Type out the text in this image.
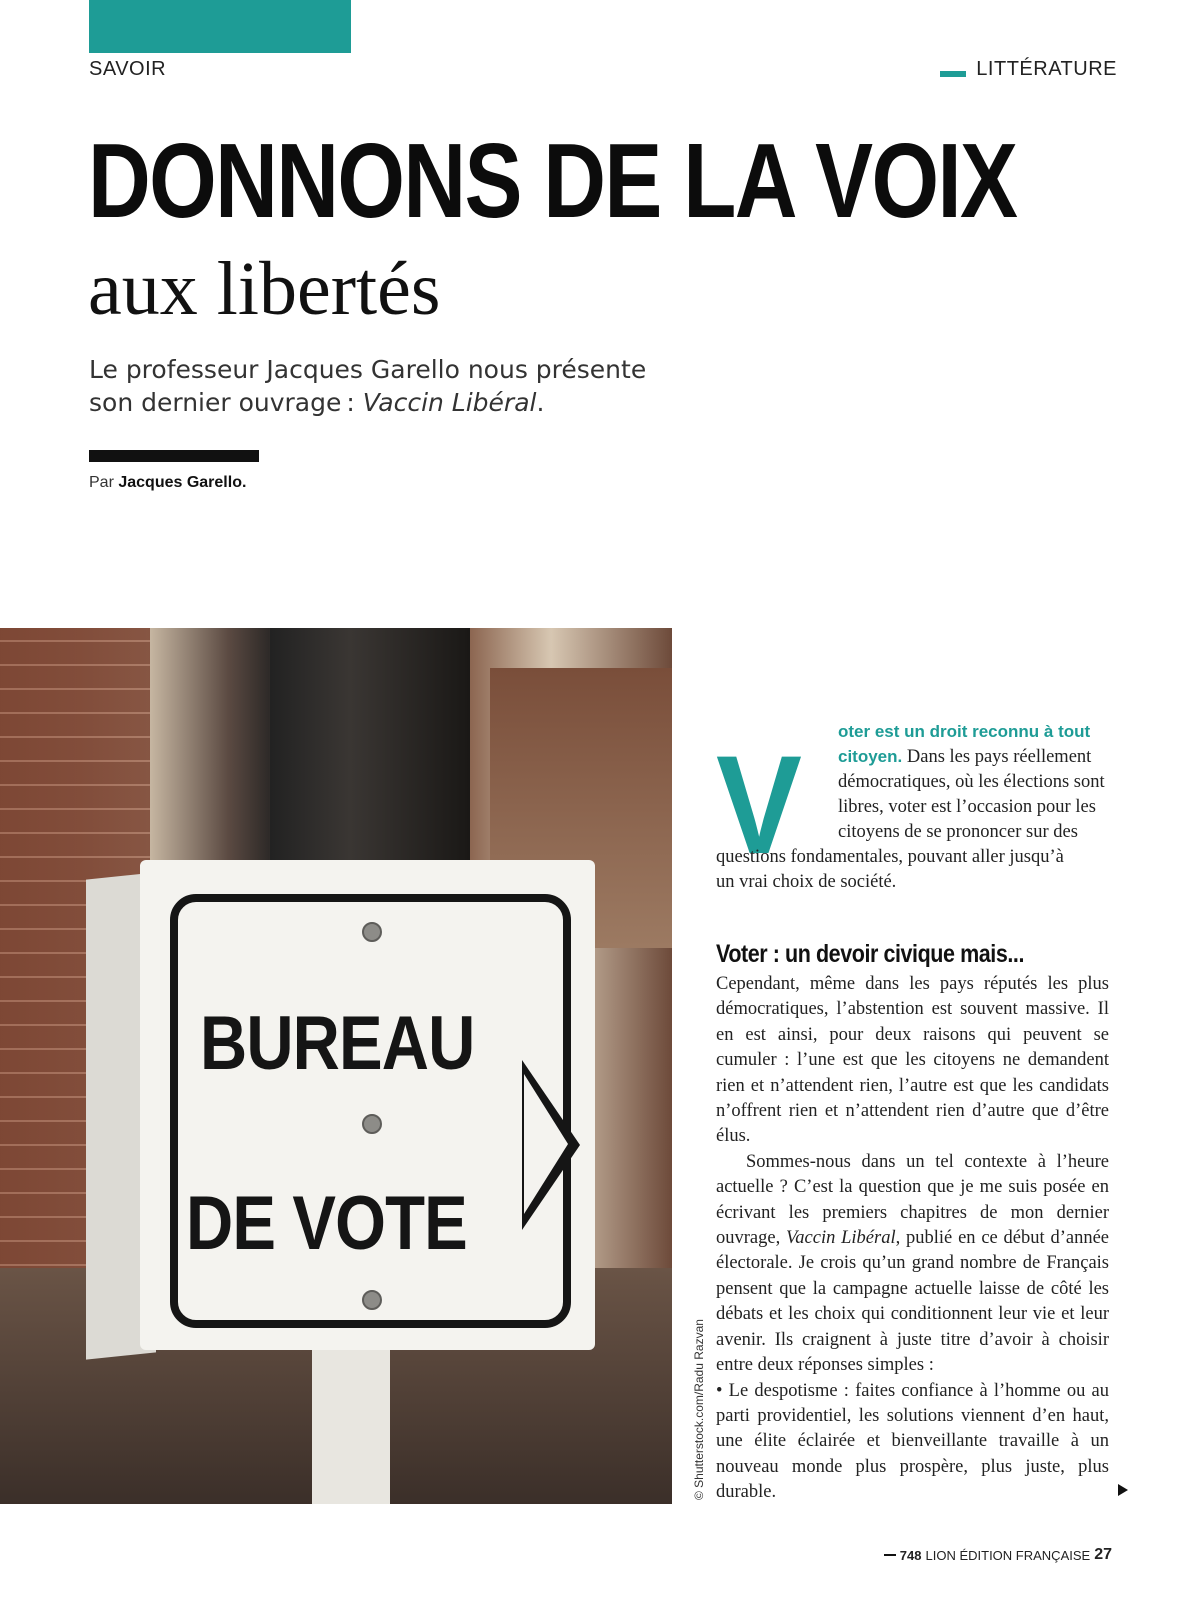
SAVOIR	LITTÉRATURE
DONNONS DE LA VOIX
aux libertés
Le professeur Jacques Garello nous présente
son dernier ouvrage : Vaccin Libéral.
Par Jacques Garello.
BUREAU
DE VOTE
© Shutterstock.com/Radu Razvan
V oter est un droit reconnu à tout
citoyen. Dans les pays réellement
démocratiques, où les élections sont
libres, voter est l’occasion pour les
citoyens de se prononcer sur des
questions fondamentales, pouvant aller jusqu’à
un vrai choix de société.
Voter : un devoir civique mais...

Cependant, même dans les pays réputés les plus démocratiques, l’abstention est souvent massive. Il en est ainsi, pour deux raisons qui peuvent se cumuler : l’une est que les citoyens ne demandent rien et n’attendent rien, l’autre est que les candidats n’offrent rien et n’attendent rien d’autre que d’être élus.

Sommes-nous dans un tel contexte à l’heure actuelle ? C’est la question que je me suis posée en écrivant les premiers chapitres de mon dernier ouvrage, Vaccin Libéral, publié en ce début d’année électorale. Je crois qu’un grand nombre de Français pensent que la campagne actuelle laisse de côté les débats et les choix qui conditionnent leur vie et leur avenir. Ils craignent à juste titre d’avoir à choisir entre deux réponses simples :

• Le despotisme : faites confiance à l’homme ou au parti providentiel, les solutions viennent d’en haut, une élite éclairée et bienveillante travaille à un nouveau monde plus prospère, plus juste, plus durable.

748 LION ÉDITION FRANÇAISE 27
